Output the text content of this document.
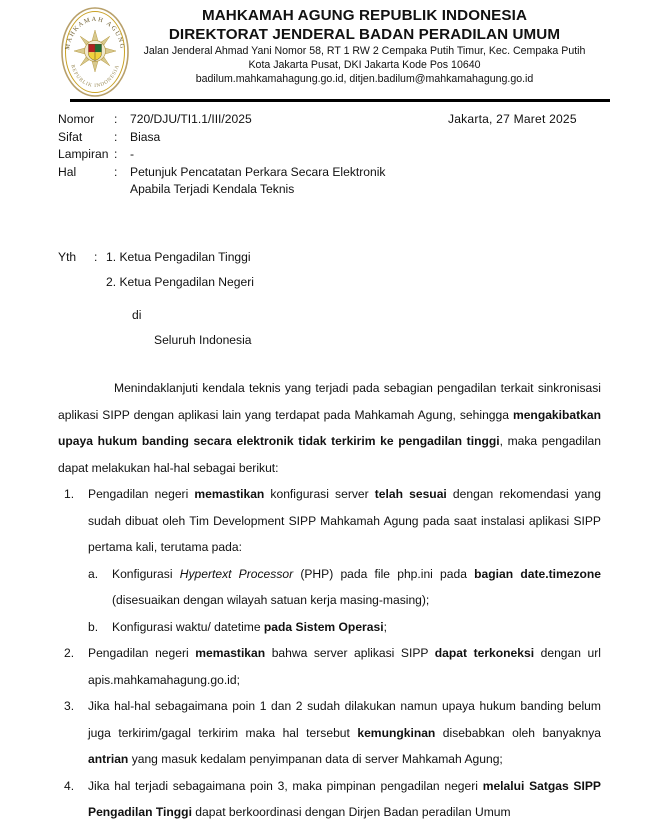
MAHKAMAH AGUNG
REPUBLIK INDONESIA
MAHKAMAH AGUNG REPUBLIK INDONESIA
DIREKTORAT JENDERAL BADAN PERADILAN UMUM
Jalan Jenderal Ahmad Yani Nomor 58, RT 1 RW 2 Cempaka Putih Timur, Kec. Cempaka Putih
Kota Jakarta Pusat, DKI Jakarta Kode Pos 10640
badilum.mahkamahagung.go.id, ditjen.badilum@mahkamahagung.go.id
Nomor	:	720/DJU/TI1.1/III/2025
Sifat	:	Biasa
Lampiran	:	-
Hal	:	Petunjuk Pencatatan Perkara Secara Elektronik
		Apabila Terjadi Kendala Teknis
Jakarta, 27 Maret 2025
Yth	: 1. Ketua Pengadilan Tinggi
2. Ketua Pengadilan Negeri
di
Seluruh Indonesia

Menindaklanjuti kendala teknis yang terjadi pada sebagian pengadilan terkait sinkronisasi aplikasi SIPP dengan aplikasi lain yang terdapat pada Mahkamah Agung, sehingga mengakibatkan upaya hukum banding secara elektronik tidak terkirim ke pengadilan tinggi, maka pengadilan dapat melakukan hal-hal sebagai berikut:

1.	Pengadilan negeri memastikan konfigurasi server telah sesuai dengan rekomendasi yang sudah dibuat oleh Tim Development SIPP Mahkamah Agung pada saat instalasi aplikasi SIPP pertama kali, terutama pada:
a.	Konfigurasi Hypertext Processor (PHP) pada file php.ini pada bagian date.timezone (disesuaikan dengan wilayah satuan kerja masing-masing);
b.	Konfigurasi waktu/ datetime pada Sistem Operasi;
2.	Pengadilan negeri memastikan bahwa server aplikasi SIPP dapat terkoneksi dengan url apis.mahkamahagung.go.id;
3.	Jika hal-hal sebagaimana poin 1 dan 2 sudah dilakukan namun upaya hukum banding belum juga terkirim/gagal terkirim maka hal tersebut kemungkinan disebabkan oleh banyaknya antrian yang masuk kedalam penyimpanan data di server Mahkamah Agung;
4.	Jika hal terjadi sebagaimana poin 3, maka pimpinan pengadilan negeri melalui Satgas SIPP Pengadilan Tinggi dapat berkoordinasi dengan Dirjen Badan peradilan Umum
